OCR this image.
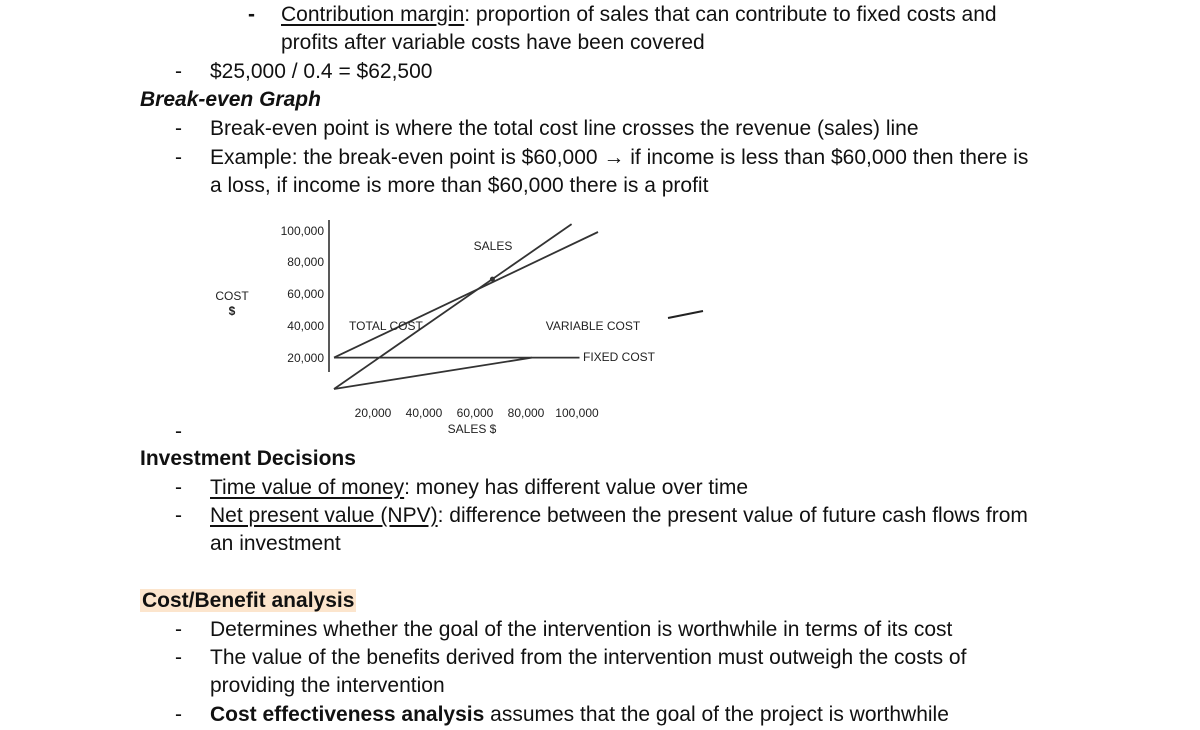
- Contribution margin: proportion of sales that can contribute to fixed costs and
profits after variable costs have been covered
- $25,000 / 0.4 = $62,500
Break-even Graph
- Break-even point is where the total cost line crosses the revenue (sales) line
- Example: the break-even point is $60,000 → if income is less than $60,000 then there is
a loss, if income is more than $60,000 there is a profit
COST
$
SALES $
20,000
40,000
60,000
80,000
100,000
20,000 40,000 60,000 80,000 100,000
SALES
TOTAL COST	VARIABLE COST
FIXED COST
-
Investment Decisions
- Time value of money: money has different value over time
- Net present value (NPV): difference between the present value of future cash flows from
an investment
Cost/Benefit analysis
- Determines whether the goal of the intervention is worthwhile in terms of its cost
- The value of the benefits derived from the intervention must outweigh the costs of
providing the intervention
- Cost effectiveness analysis assumes that the goal of the project is worthwhile
